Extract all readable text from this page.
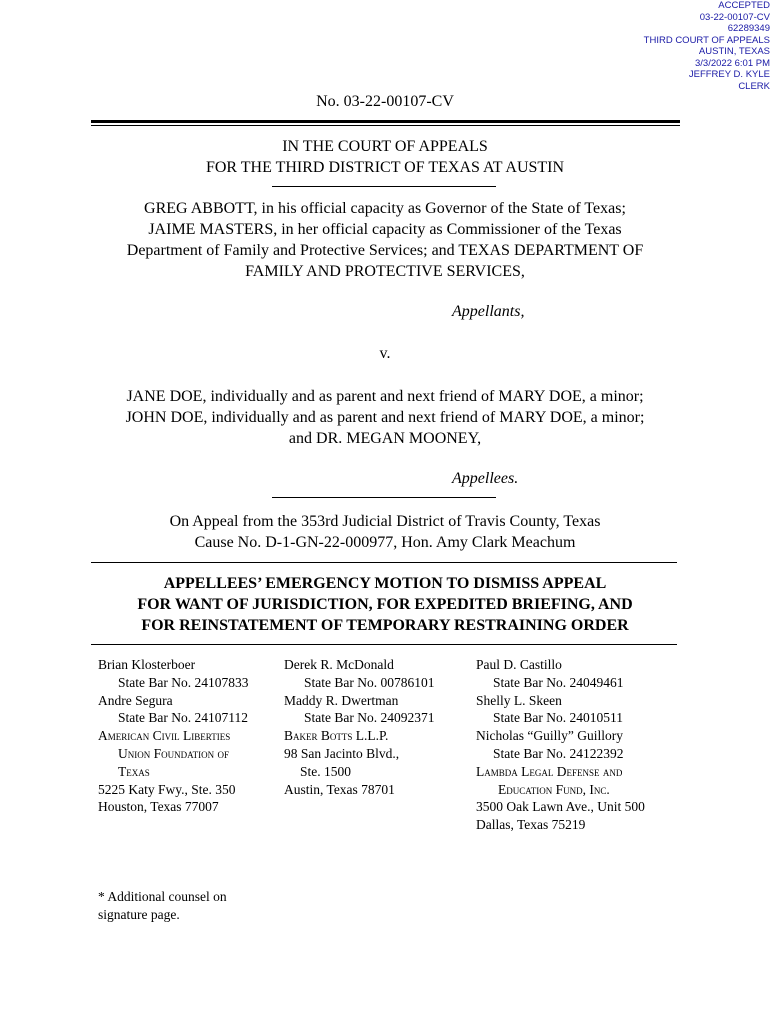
ACCEPTED
03-22-00107-CV
62289349
THIRD COURT OF APPEALS
AUSTIN, TEXAS
3/3/2022 6:01 PM
JEFFREY D. KYLE
CLERK
No. 03-22-00107-CV
IN THE COURT OF APPEALS
FOR THE THIRD DISTRICT OF TEXAS AT AUSTIN
GREG ABBOTT, in his official capacity as Governor of the State of Texas;
JAIME MASTERS, in her official capacity as Commissioner of the Texas
Department of Family and Protective Services; and TEXAS DEPARTMENT OF
FAMILY AND PROTECTIVE SERVICES,
Appellants,
v.
JANE DOE, individually and as parent and next friend of MARY DOE, a minor;
JOHN DOE, individually and as parent and next friend of MARY DOE, a minor;
and DR. MEGAN MOONEY,
Appellees.
On Appeal from the 353rd Judicial District of Travis County, Texas
Cause No. D-1-GN-22-000977, Hon. Amy Clark Meachum
APPELLEES’ EMERGENCY MOTION TO DISMISS APPEAL
FOR WANT OF JURISDICTION, FOR EXPEDITED BRIEFING, AND
FOR REINSTATEMENT OF TEMPORARY RESTRAINING ORDER
Brian Klosterboer
State Bar No. 24107833
Andre Segura
State Bar No. 24107112
American Civil Liberties
Union Foundation of
Texas
5225 Katy Fwy., Ste. 350
Houston, Texas 77007
Derek R. McDonald
State Bar No. 00786101
Maddy R. Dwertman
State Bar No. 24092371
Baker Botts L.L.P.
98 San Jacinto Blvd.,
Ste. 1500
Austin, Texas 78701
Paul D. Castillo
State Bar No. 24049461
Shelly L. Skeen
State Bar No. 24010511
Nicholas “Guilly” Guillory
State Bar No. 24122392
Lambda Legal Defense and
Education Fund, Inc.
3500 Oak Lawn Ave., Unit 500
Dallas, Texas 75219
* Additional counsel on
signature page.
